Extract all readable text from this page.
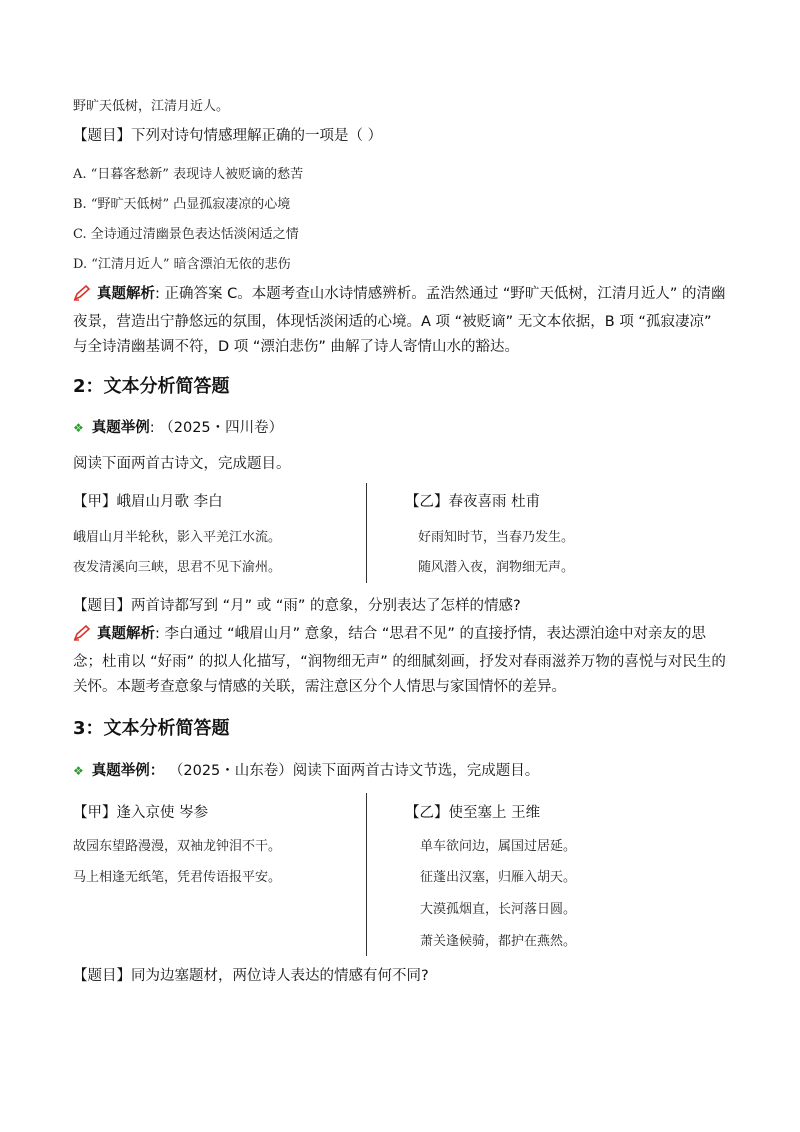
野旷天低树，江清月近人。
【题目】下列对诗句情感理解正确的一项是（ ）
A. “日暮客愁新” 表现诗人被贬谪的愁苦
B. “野旷天低树” 凸显孤寂凄凉的心境
C. 全诗通过清幽景色表达恬淡闲适之情
D. “江清月近人” 暗含漂泊无依的悲伤
真题解析: 正确答案 C。本题考查山水诗情感辨析。孟浩然通过 “野旷天低树，江清月近人” 的清幽夜景，营造出宁静悠远的氛围，体现恬淡闲适的心境。A 项 “被贬谪” 无文本依据，B 项 “孤寂凄凉” 与全诗清幽基调不符，D 项 “漂泊悲伤” 曲解了诗人寄情山水的豁达。
2：文本分析简答题
❖ 真题举例: （2025・四川卷）
阅读下面两首古诗文，完成题目。
【甲】峨眉山月歌 李白
峨眉山月半轮秋，影入平羌江水流。
夜发清溪向三峡，思君不见下渝州。
【乙】春夜喜雨 杜甫
好雨知时节，当春乃发生。
随风潜入夜，润物细无声。
【题目】两首诗都写到 “月” 或 “雨” 的意象，分别表达了怎样的情感?
真题解析: 李白通过 “峨眉山月” 意象，结合 “思君不见” 的直接抒情，表达漂泊途中对亲友的思念；杜甫以 “好雨” 的拟人化描写，“润物细无声” 的细腻刻画，抒发对春雨滋养万物的喜悦与对民生的关怀。本题考查意象与情感的关联，需注意区分个人情思与家国情怀的差异。
3：文本分析简答题
❖ 真题举例： （2025・山东卷）阅读下面两首古诗文节选，完成题目。
【甲】逢入京使 岑参
故园东望路漫漫，双袖龙钟泪不干。
马上相逢无纸笔，凭君传语报平安。
【乙】使至塞上 王维
单车欲问边，属国过居延。
征蓬出汉塞，归雁入胡天。
大漠孤烟直，长河落日圆。
萧关逢候骑，都护在燕然。
【题目】同为边塞题材，两位诗人表达的情感有何不同?
